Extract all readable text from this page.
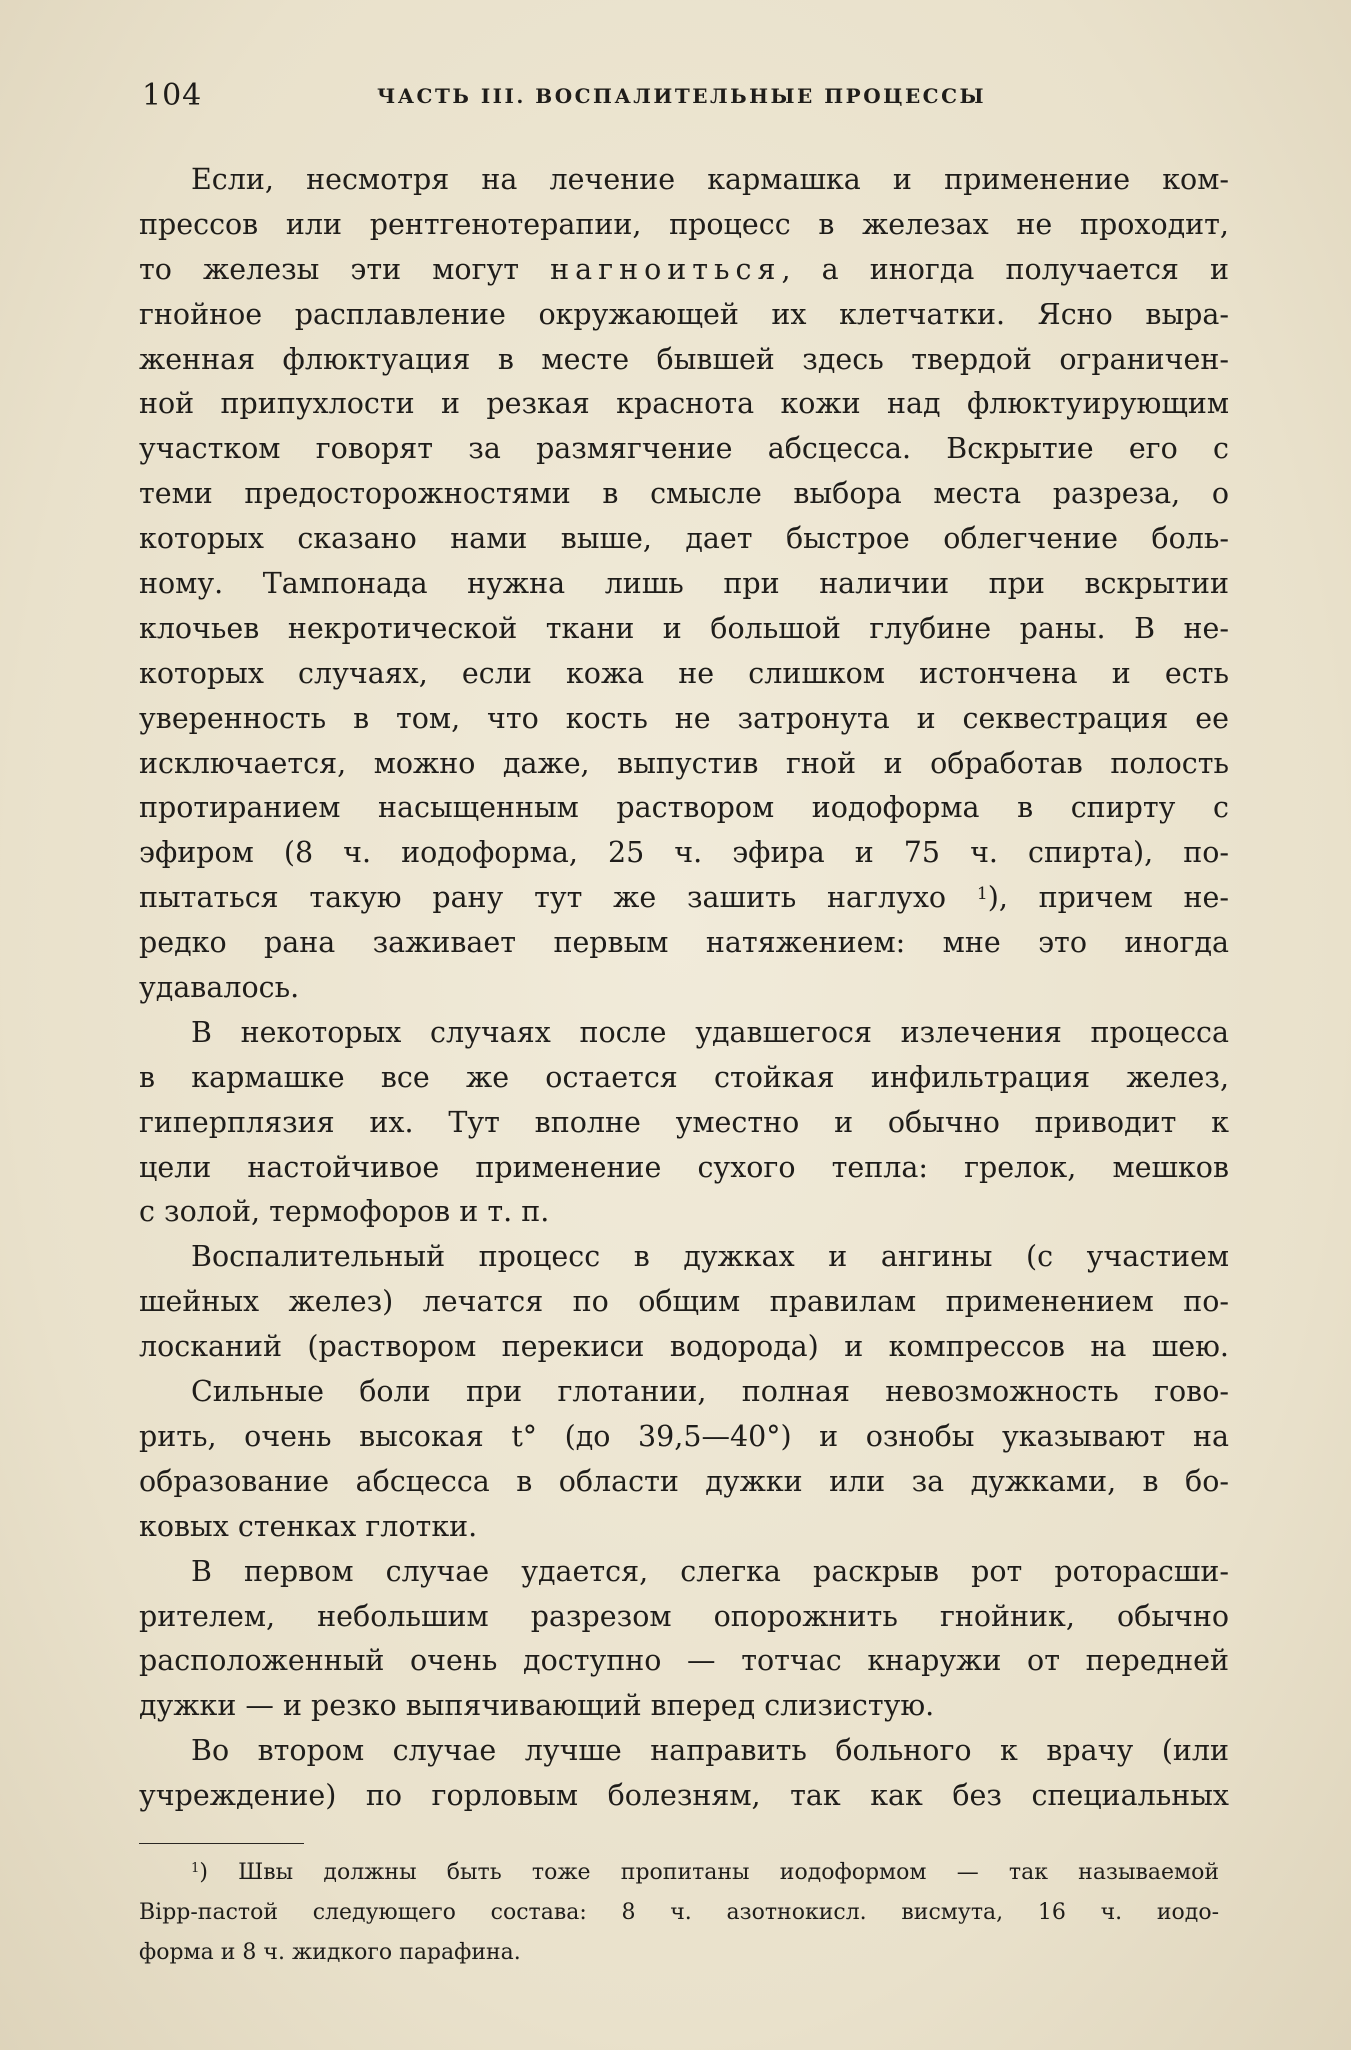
104	ЧАСТЬ III. ВОСПАЛИТЕЛЬНЫЕ ПРОЦЕССЫ
Если, несмотря на лечение кармашка и применение ком-
прессов или рентгенотерапии, процесс в железах не проходит,
то железы эти могут нагноиться, а иногда получается и
гнойное расплавление окружающей их клетчатки. Ясно выра-
женная флюктуация в месте бывшей здесь твердой ограничен-
ной припухлости и резкая краснота кожи над флюктуирующим
участком говорят за размягчение абсцесса. Вскрытие его с
теми предосторожностями в смысле выбора места разреза, о
которых сказано нами выше, дает быстрое облегчение боль-
ному. Тампонада нужна лишь при наличии при вскрытии
клочьев некротической ткани и большой глубине раны. В не-
которых случаях, если кожа не слишком истончена и есть
уверенность в том, что кость не затронута и секвестрация ее
исключается, можно даже, выпустив гной и обработав полость
протиранием насыщенным раствором иодоформа в спирту с
эфиром (8 ч. иодоформа, 25 ч. эфира и 75 ч. спирта), по-
пытаться такую рану тут же зашить наглухо $^1$), причем не-
редко рана заживает первым натяжением: мне это иногда
удавалось.
В некоторых случаях после удавшегося излечения процесса
в кармашке все же остается стойкая инфильтрация желез,
гиперплязия их. Тут вполне уместно и обычно приводит к
цели настойчивое применение сухого тепла: грелок, мешков
с золой, термофоров и т. п.
Воспалительный процесс в дужках и ангины (с участием
шейных желез) лечатся по общим правилам применением по-
лосканий (раствором перекиси водорода) и компрессов на шею.
Сильные боли при глотании, полная невозможность гово-
рить, очень высокая t° (до 39,5—40°) и ознобы указывают на
образование абсцесса в области дужки или за дужками, в бо-
ковых стенках глотки.
В первом случае удается, слегка раскрыв рот роторасши-
рителем, небольшим разрезом опорожнить гнойник, обычно
расположенный очень доступно — тотчас кнаружи от передней
дужки — и резко выпячивающий вперед слизистую.
Во втором случае лучше направить больного к врачу (или
учреждение) по горловым болезням, так как без специальных
$^1$) Швы должны быть тоже пропитаны иодоформом — так называемой
Bipp-пастой следующего состава: 8 ч. азотнокисл. висмута, 16 ч. иодо-
форма и 8 ч. жидкого парафина.
